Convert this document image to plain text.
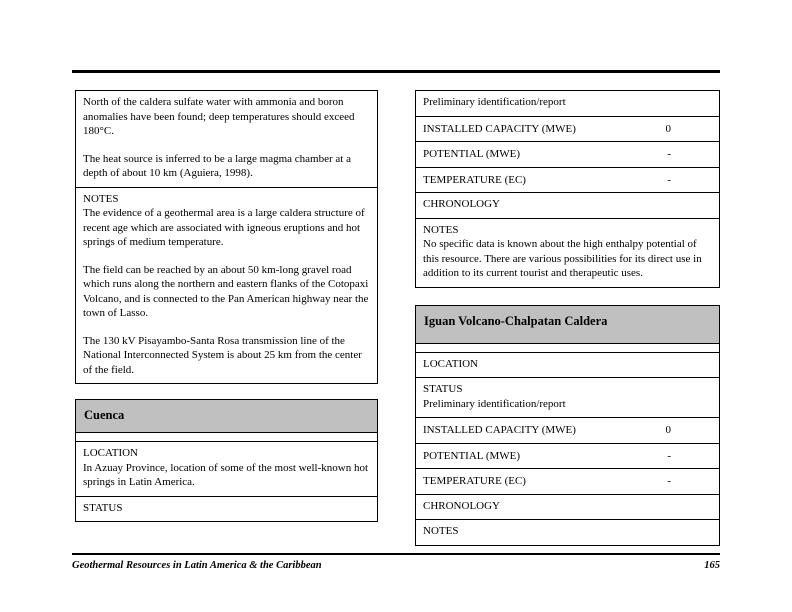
North of the caldera sulfate water with ammonia and boron anomalies have been found; deep temperatures should exceed 180°C.

The heat source is inferred to be a large magma chamber at a depth of about 10 km (Aguiera, 1998).

NOTES

The evidence of a geothermal area is a large caldera structure of recent age which are associated with igneous eruptions and hot springs of medium temperature.

The field can be reached by an about 50 km-long gravel road which runs along the northern and eastern flanks of the Cotopaxi Volcano, and is connected to the Pan American highway near the town of Lasso.

The 130 kV Pisayambo-Santa Rosa transmission line of the National Interconnected System is about 25 km from the center of the field.

Cuenca
LOCATION

In Azuay Province, location of some of the most well-known hot springs in Latin America.

STATUS
Preliminary identification/report
INSTALLED CAPACITY (MWE)	0
POTENTIAL (MWE)	-
TEMPERATURE (ΕC)	-
CHRONOLOGY
NOTES

No specific data is known about the high enthalpy potential of this resource. There are various possibilities for its direct use in addition to its current tourist and therapeutic uses.

Iguan Volcano-Chalpatan Caldera
LOCATION
STATUS

Preliminary identification/report

INSTALLED CAPACITY (MWE)	0
POTENTIAL (MWE)	-
TEMPERATURE (ΕC)	-
CHRONOLOGY
NOTES
Geothermal Resources in Latin America & the Caribbean	165
